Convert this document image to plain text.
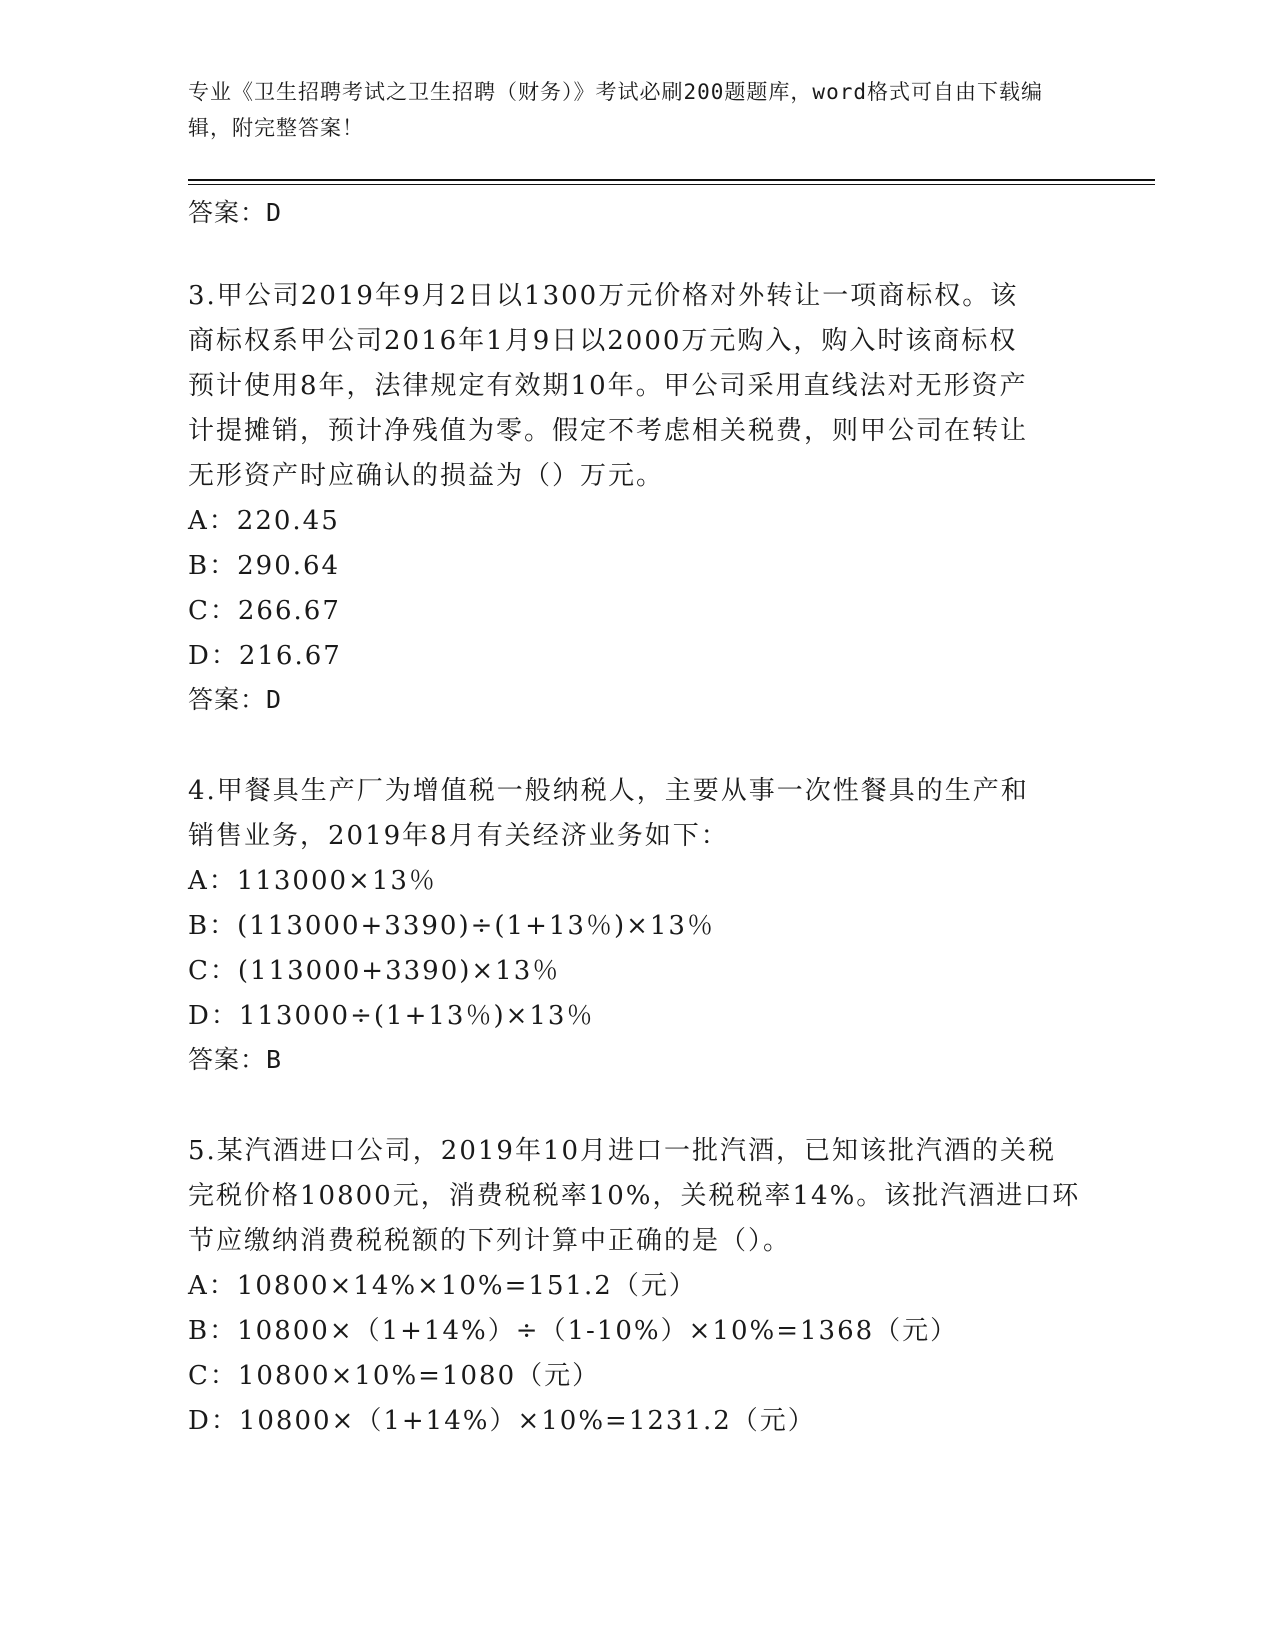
专业《卫生招聘考试之卫生招聘（财务）》考试必刷200题题库，word格式可自由下载编辑，附完整答案！
答案：D
3.甲公司2019年9月2日以1300万元价格对外转让一项商标权。该
商标权系甲公司2016年1月9日以2000万元购入，购入时该商标权
预计使用8年，法律规定有效期10年。甲公司采用直线法对无形资产
计提摊销，预计净残值为零。假定不考虑相关税费，则甲公司在转让
无形资产时应确认的损益为（）万元。
A：220.45
B：290.64
C：266.67
D：216.67
答案：D
4.甲餐具生产厂为增值税一般纳税人，主要从事一次性餐具的生产和
销售业务，2019年8月有关经济业务如下：
A：113000×13％
B：(113000+3390)÷(1+13％)×13％
C：(113000+3390)×13％
D：113000÷(1+13％)×13％
答案：B
5.某汽酒进口公司，2019年10月进口一批汽酒，已知该批汽酒的关税
完税价格10800元，消费税税率10%，关税税率14%。该批汽酒进口环
节应缴纳消费税税额的下列计算中正确的是（）。
A：10800×14%×10%=151.2（元）
B：10800×（1+14%）÷（1-10%）×10%=1368（元）
C：10800×10%=1080（元）
D：10800×（1+14%）×10%=1231.2（元）
